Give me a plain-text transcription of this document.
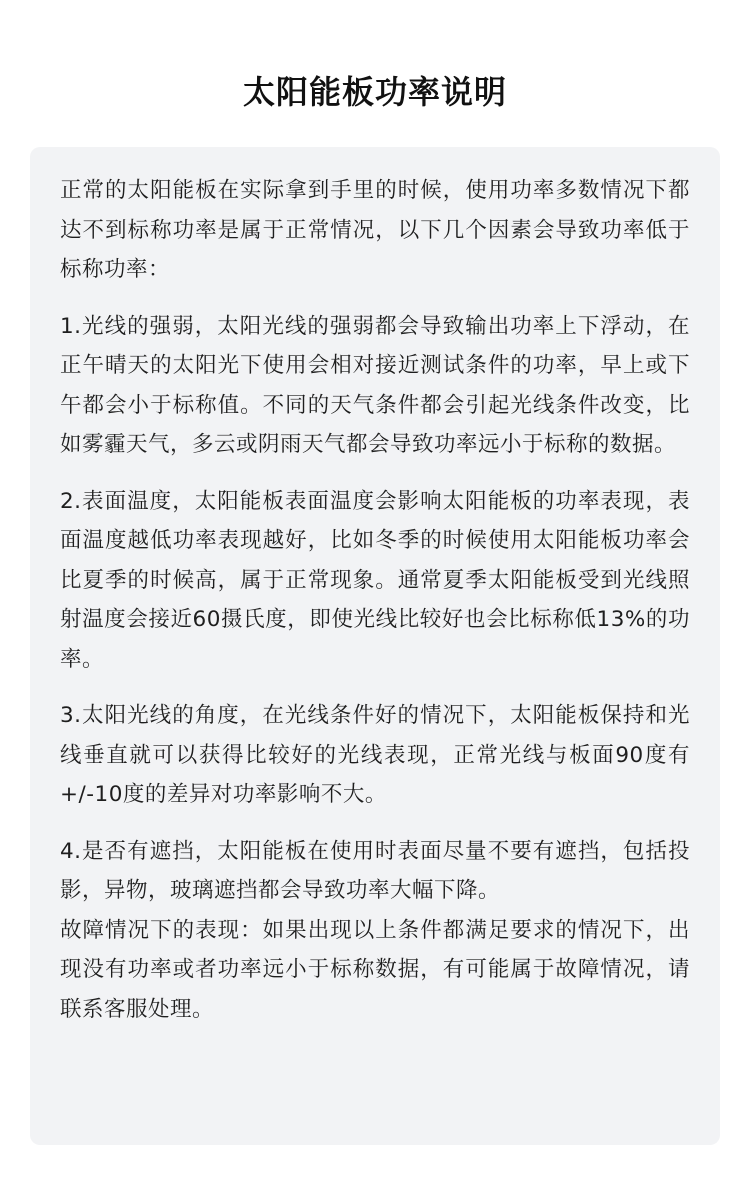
太阳能板功率说明

正常的太阳能板在实际拿到手里的时候，使用功率多数情况下都达不到标称功率是属于正常情况，以下几个因素会导致功率低于标称功率：

1.光线的强弱，太阳光线的强弱都会导致输出功率上下浮动，在正午晴天的太阳光下使用会相对接近测试条件的功率，早上或下午都会小于标称值。不同的天气条件都会引起光线条件改变，比如雾霾天气，多云或阴雨天气都会导致功率远小于标称的数据。

2.表面温度，太阳能板表面温度会影响太阳能板的功率表现，表面温度越低功率表现越好，比如冬季的时候使用太阳能板功率会比夏季的时候高，属于正常现象。通常夏季太阳能板受到光线照射温度会接近60摄氏度，即使光线比较好也会比标称低13%的功率。

3.太阳光线的角度，在光线条件好的情况下，太阳能板保持和光线垂直就可以获得比较好的光线表现，正常光线与板面90度有+/-10度的差异对功率影响不大。

4.是否有遮挡，太阳能板在使用时表面尽量不要有遮挡，包括投影，异物，玻璃遮挡都会导致功率大幅下降。

故障情况下的表现：如果出现以上条件都满足要求的情况下，出现没有功率或者功率远小于标称数据，有可能属于故障情况，请联系客服处理。
